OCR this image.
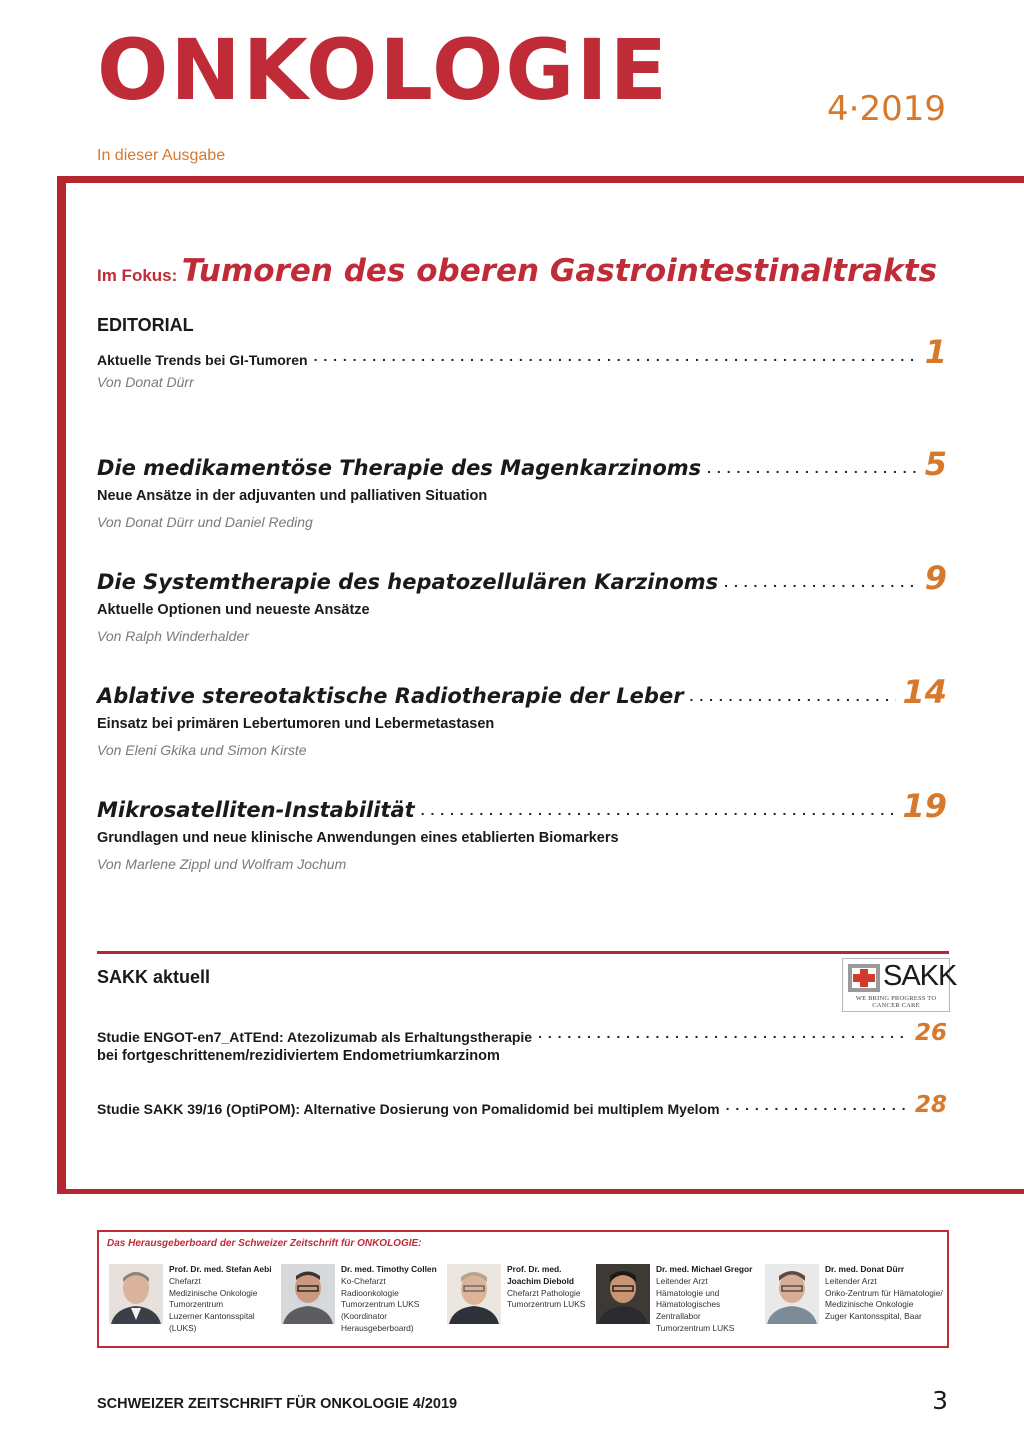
ONKOLOGIE	4·2019
In dieser Ausgabe
Im Fokus: Tumoren des oberen Gastrointestinaltrakts
EDITORIAL
Aktuelle Trends bei GI-Tumoren . . .	1
Von Donat Dürr
Die medikamentöse Therapie des Magenkarzinoms . . .	5
Neue Ansätze in der adjuvanten und palliativen Situation
Von Donat Dürr und Daniel Reding
Die Systemtherapie des hepatozellulären Karzinoms . . .	9
Aktuelle Optionen und neueste Ansätze
Von Ralph Winderhalder
Ablative stereotaktische Radiotherapie der Leber . . .	14
Einsatz bei primären Lebertumoren und Lebermetastasen
Von Eleni Gkika und Simon Kirste
Mikrosatelliten-Instabilität . . .	19
Grundlagen und neue klinische Anwendungen eines etablierten Biomarkers
Von Marlene Zippl und Wolfram Jochum
SAKK aktuell	SAKK
WE BRING PROGRESS TO CANCER CARE
Studie ENGOT-en7_AtTEnd: Atezolizumab als Erhaltungstherapie . . .	26
bei fortgeschrittenem/rezidiviertem Endometriumkarzinom
Studie SAKK 39/16 (OptiPOM): Alternative Dosierung von Pomalidomid bei multiplem Myelom . . .	28
Das Herausgeberboard der Schweizer Zeitschrift für ONKOLOGIE:
Prof. Dr. med. Stefan Aebi
Chefarzt
Medizinische Onkologie
Tumorzentrum
Luzerner Kantonsspital
(LUKS)
Dr. med. Timothy Collen
Ko-Chefarzt
Radioonkologie
Tumorzentrum LUKS
(Koordinator
Herausgeberboard)
Prof. Dr. med.
Joachim Diebold
Chefarzt Pathologie
Tumorzentrum LUKS
Dr. med. Michael Gregor
Leitender Arzt
Hämatologie und
Hämatologisches
Zentrallabor
Tumorzentrum LUKS
Dr. med. Donat Dürr
Leitender Arzt
Onko-Zentrum für Hämatologie/
Medizinische Onkologie
Zuger Kantonsspital, Baar
SCHWEIZER ZEITSCHRIFT FÜR ONKOLOGIE 4/2019	3
